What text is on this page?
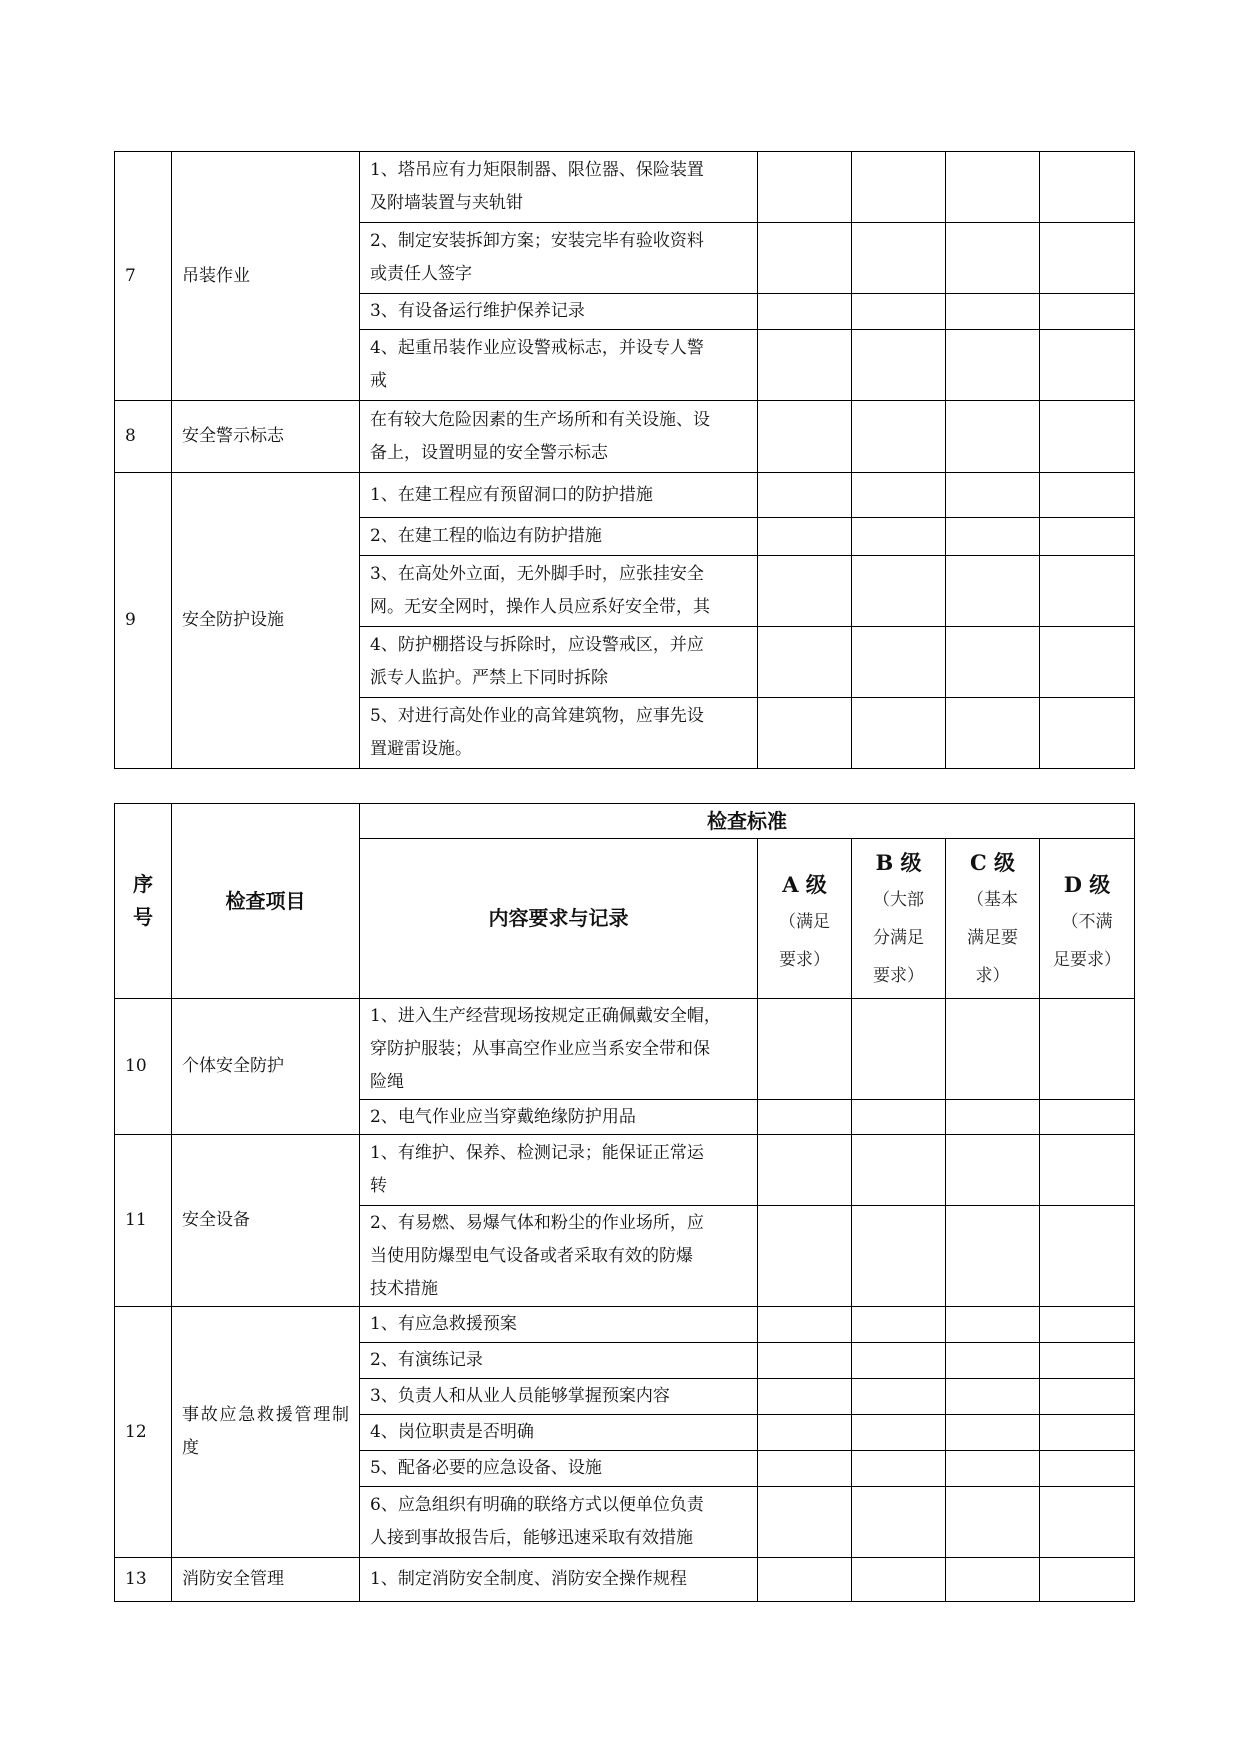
7	吊装作业	1、塔吊应有力矩限制器、限位器、保险装置
及附墙装置与夹轨钳				
		2、制定安装拆卸方案；安装完毕有验收资料
或责任人签字				
		3、有设备运行维护保养记录				
		4、起重吊装作业应设警戒标志，并设专人警
戒				
8	安全警示标志	在有较大危险因素的生产场所和有关设施、设
备上，设置明显的安全警示标志				
9	安全防护设施	1、在建工程应有预留洞口的防护措施				
		2、在建工程的临边有防护措施				
		3、在高处外立面，无外脚手时，应张挂安全
网。无安全网时，操作人员应系好安全带，其				
		4、防护棚搭设与拆除时，应设警戒区，并应
派专人监护。严禁上下同时拆除				
		5、对进行高处作业的高耸建筑物，应事先设
置避雷设施。				
序
号	检查项目	检查标准				
		内容要求与记录	A 级
（满足
要求）	B 级
（大部
分满足
要求）	C 级
（基本
满足要
求）	D 级
（不满
足要求）

10	个体安全防护	1、进入生产经营现场按规定正确佩戴安全帽，
穿防护服装；从事高空作业应当系安全带和保
险绳				
		2、电气作业应当穿戴绝缘防护用品				
11	安全设备	1、有维护、保养、检测记录；能保证正常运
转				
		2、有易燃、易爆气体和粉尘的作业场所，应
当使用防爆型电气设备或者采取有效的防爆
技术措施				
12	事故应急救援管理制度	1、有应急救援预案				
		2、有演练记录				
		3、负责人和从业人员能够掌握预案内容				
		4、岗位职责是否明确				
		5、配备必要的应急设备、设施				
		6、应急组织有明确的联络方式以便单位负责
人接到事故报告后，能够迅速采取有效措施				
13	消防安全管理	1、制定消防安全制度、消防安全操作规程				
